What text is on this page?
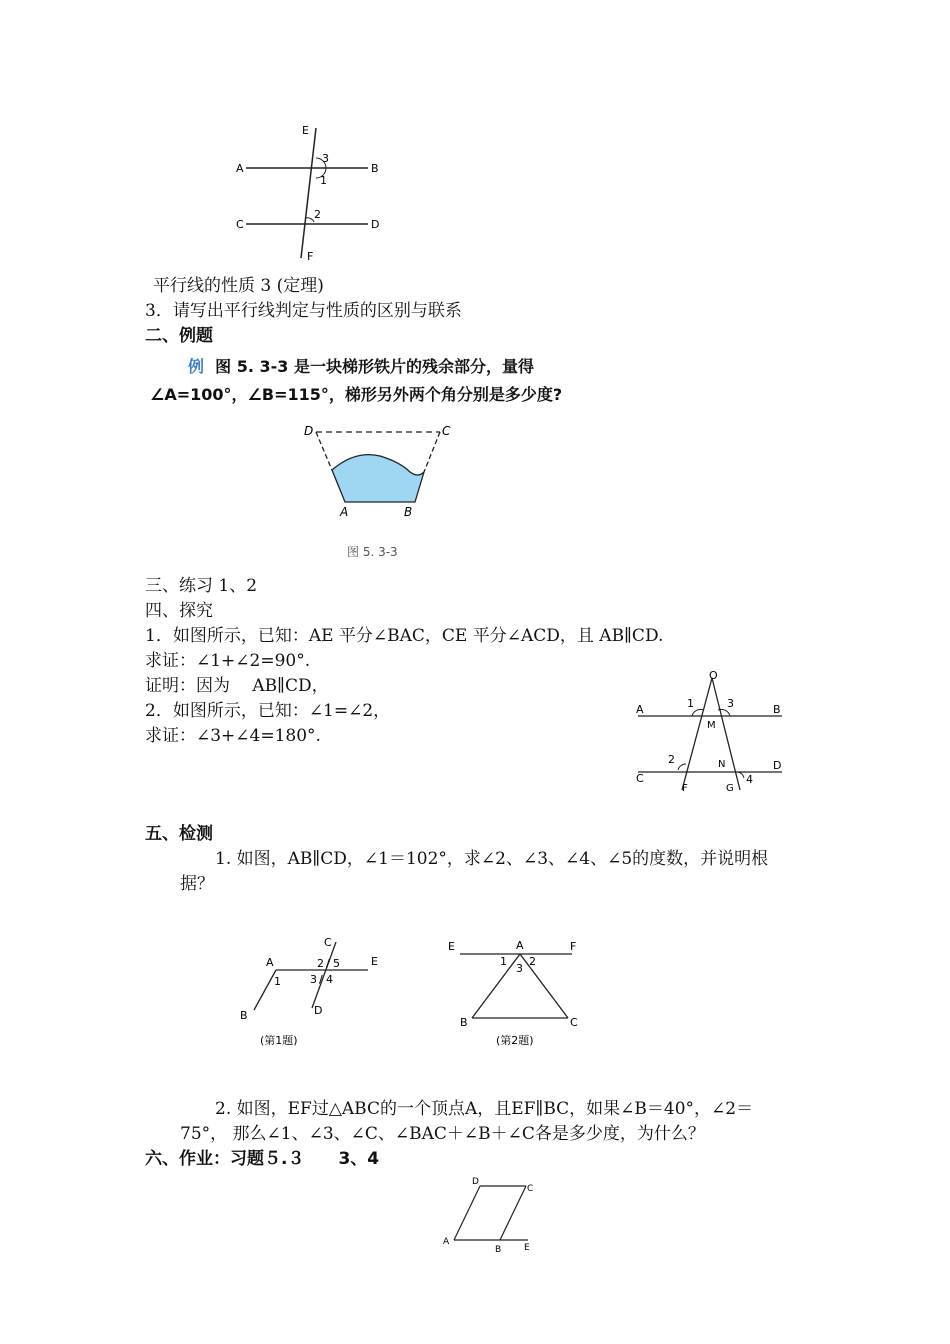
E
A	B
C	D
F
3
1
2
平行线的性质 3 (定理)
3．请写出平行线判定与性质的区别与联系
二、例题
例 图 5. 3-3 是一块梯形铁片的残余部分，量得
∠A=100°，∠B=115°，梯形另外两个角分别是多少度?
D	C
A	B
图 5. 3-3
三、练习 1、2
四、探究
1．如图所示，已知：AE 平分∠BAC，CE 平分∠ACD，且 AB∥CD.
求证：∠1+∠2=90°.
证明：因为　 AB∥CD，
2．如图所示，已知：∠1=∠2，
求证：∠3+∠4=180°.
O
A	B
C
D
M
N
F	G
1	3
2
4
五、检测
1. 如图，AB∥CD，∠1＝102°，求∠2、∠3、∠4、∠5的度数，并说明根
据？
A
B
C
D
E
1
2 / 5
3 / 4
(第1题)
E	A	F
B	C
1 2
3
(第2题)
2. 如图，EF过△ABC的一个顶点A，且EF∥BC，如果∠B＝40°，∠2＝
75°， 那么∠1、∠3、∠C、∠BAC＋∠B＋∠C各是多少度，为什么？
六、作业：习题５.３　　3、4
D
C
A
B	E
